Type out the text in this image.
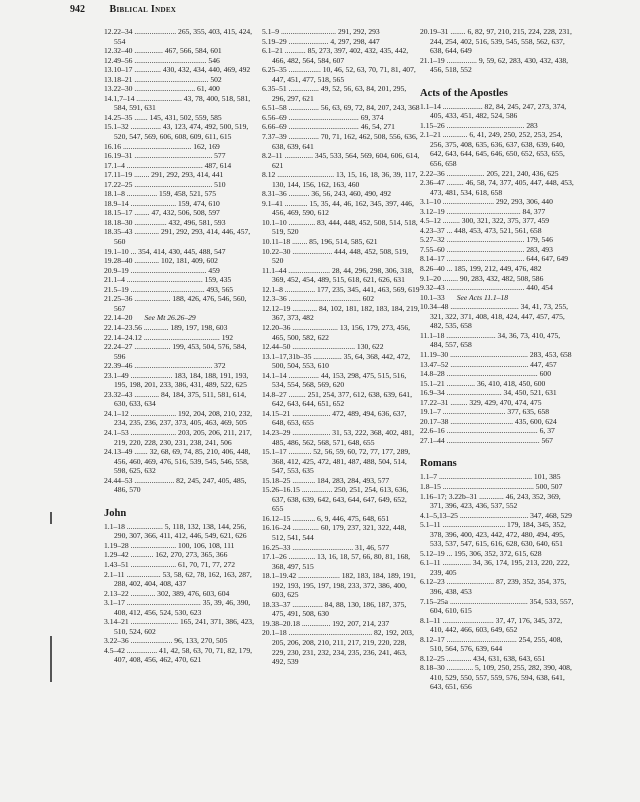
942 Biblical Index
12.22–34 ...................... 265, 355, 403, 415, 424, 554
12.32–40 ............... 467, 566, 584, 601
12.49–56 ...................................... 546
13.10–17 .............. 430, 432, 434, 440, 469, 492
13.18–21 ....................................... 502
13.22–30 ................................ 61, 400
14.1,7–14 ........................ 43, 78, 400, 518, 581, 584, 591, 631
14.25–35 ....... 145, 431, 502, 559, 585
15.1–32 ................ 43, 123, 474, 492, 500, 519, 520, 547, 569, 606, 608, 609, 611, 615
16.16 .................................... 162, 169
16.19–31 ......................................... 577
17.1–4 ........................................ 487, 614
17.11–19 ........ 291, 292, 293, 414, 441
17.22–25 ......................................... 510
18.1–8 ................ 159, 458, 521, 575
18.9–14 ........................ 159, 474, 610
18.15–17 ........ 47, 432, 506, 508, 597
18.18–30 ................. 432, 496, 581, 593
18.35–43 ............. 291, 292, 293, 414, 446, 457, 560
19.1–10 ... 354, 414, 430, 445, 488, 547
19.28–40 ............. 102, 181, 409, 602
20.9–19 ........................................ 459
21.1–4 ........................................ 159, 435
21.5–19 ....................................... 493, 565
21.25–36 ................... 188, 426, 476, 546, 560, 567
22.14–20 See Mt 26.26–29
22.14–23.56 ............. 189, 197, 198, 603
22.14–24.12 ........................................ 192
22.24–27 ................... 199, 453, 504, 576, 584, 596
22.39–46 ......................................... 372
23.1–49 ...................... 183, 184, 188, 191, 193, 195, 198, 201, 233, 386, 431, 489, 522, 625
23.32–43 ............. 84, 184, 375, 511, 581, 614, 630, 633, 634
24.1–12 ........................ 192, 204, 208, 210, 232, 234, 235, 236, 237, 373, 405, 463, 469, 505
24.1–53 ........................ 203, 205, 206, 211, 217, 219, 220, 228, 230, 231, 238, 241, 506
24.13–49 ....... 32, 68, 69, 74, 85, 210, 406, 448, 456, 460, 469, 476, 516, 539, 545, 546, 558, 598, 625, 632
24.44–53 ..................... 82, 245, 247, 405, 485, 486, 570
John
1.1–18 ................... 5, 118, 132, 138, 144, 256, 290, 307, 366, 411, 412, 446, 549, 621, 626
1.19–28 ........................ 100, 106, 108, 111
1.29–42 ............ 162, 270, 273, 365, 366
1.43–51 ........................ 61, 70, 71, 77, 272
2.1–11 .................. 53, 58, 62, 78, 162, 163, 287, 288, 402, 404, 408, 437
2.13–22 ............. 302, 389, 476, 603, 604
3.1–17 ....................................... 35, 39, 46, 390, 408, 412, 456, 524, 530, 623
3.14–21 ......................... 165, 241, 371, 386, 423, 510, 524, 602
3.22–36 ...................... 96, 133, 270, 505
4.5–42 ................ 41, 42, 58, 63, 70, 71, 82, 179, 407, 408, 456, 462, 470, 621
5.1–9 ............................. 291, 292, 293
5.19–29 ..................... 4, 297, 298, 447
6.1–21 ........... 85, 273, 397, 402, 432, 435, 442, 466, 482, 564, 584, 607
6.25–35 ................. 10, 46, 52, 63, 70, 71, 81, 407, 447, 451, 477, 518, 565
6.35–51 ................ 49, 52, 56, 63, 84, 201, 295, 296, 297, 621
6.51–58 ................ 56, 63, 69, 72, 84, 207, 243, 368
6.56–69 ..................................... 69, 374
6.66–69 ..................................... 46, 54, 271
7.37–39 ................ 70, 71, 162, 462, 508, 556, 636, 638, 639, 641
8.2–11 ............... 345, 533, 564, 569, 604, 606, 614, 621
8.12 .............................. 13, 15, 16, 18, 36, 39, 117, 130, 144, 156, 162, 163, 460
8.31–36 ........... 36, 56, 243, 460, 490, 492
9.1–41 ............ 15, 35, 44, 46, 162, 345, 397, 446, 456, 469, 590, 612
10.1–10 .............. 83, 444, 448, 452, 508, 514, 518, 519, 520
10.11–18 ........ 85, 196, 514, 585, 621
10.22–30 ..................... 444, 448, 452, 508, 519, 520
11.1–44 ...................... 28, 44, 296, 298, 306, 318, 369, 452, 454, 489, 515, 618, 621, 626, 631
12.1–8 ................ 177, 235, 345, 441, 463, 569, 619
12.3–36 ...................................... 602
12.12–19 ............. 84, 102, 181, 182, 183, 184, 219, 367, 373, 482
12.20–36 ........................ 13, 156, 179, 273, 456, 465, 500, 582, 622
12.44–50 ................................. 130, 622
13.1–17,31b–35 ............... 35, 64, 368, 442, 472, 500, 504, 553, 610
14.1–14 ................ 44, 153, 298, 475, 515, 516, 534, 554, 568, 569, 620
14.8–27 ......... 251, 254, 377, 612, 638, 639, 641, 642, 643, 644, 651, 652
14.15–21 .................... 472, 489, 494, 636, 637, 648, 653, 655
14.23–29 .................... 31, 53, 222, 368, 402, 481, 485, 486, 562, 568, 571, 648, 655
15.1–17 ............ 52, 56, 59, 60, 72, 77, 177, 289, 368, 412, 425, 472, 481, 487, 488, 504, 514, 547, 553, 635
15.18–25 ............ 184, 283, 284, 493, 577
15.26–16.15 ................ 250, 251, 254, 613, 636, 637, 638, 639, 642, 643, 644, 647, 649, 652, 655
16.12–15 ............ 6, 9, 446, 475, 648, 651
16.16–24 .............. 60, 179, 237, 321, 322, 448, 512, 541, 544
16.25–33 ................................ 31, 46, 577
17.1–26 .............. 13, 16, 18, 57, 66, 80, 81, 168, 368, 497, 515
18.1–19.42 ...................... 182, 183, 184, 189, 191, 192, 193, 195, 197, 198, 233, 372, 386, 400, 603, 625
18.33–37 ................ 84, 88, 130, 186, 187, 375, 475, 491, 508, 630
19.38–20.18 ............... 192, 207, 214, 237
20.1–18 ............................................ 82, 192, 203, 205, 206, 208, 210, 211, 217, 219, 220, 228, 229, 230, 231, 232, 234, 235, 236, 241, 463, 492, 539
20.19–31 ........ 6, 82, 97, 210, 215, 224, 228, 231, 244, 254, 402, 516, 539, 545, 558, 562, 637, 638, 644, 649
21.1–19 ................ 9, 59, 62, 283, 430, 432, 438, 456, 518, 552
Acts of the Apostles
1.1–14 ..................... 82, 84, 245, 247, 273, 374, 405, 433, 451, 482, 524, 586
1.15–26 ......................................... 283
2.1–21 ............. 6, 41, 249, 250, 252, 253, 254, 256, 375, 408, 635, 636, 637, 638, 639, 640, 642, 643, 644, 645, 646, 650, 652, 653, 655, 656, 658
2.22–36 .................... 205, 221, 240, 436, 625
2.36–47 ......... 46, 58, 74, 377, 405, 447, 448, 453, 473, 481, 534, 618, 658
3.1–10 ........................... 292, 293, 306, 440
3.12–19 ....................................... 84, 377
4.5–12 ......... 300, 321, 322, 375, 377, 459
4.23–37 ... 448, 453, 473, 521, 561, 658
5.27–32 ......................................... 179, 546
7.55–60 ......................................... 283, 493
8.14–17 ......................................... 644, 647, 649
8.26–40 ... 185, 199, 212, 449, 476, 482
9.1–20 ........ 90, 283, 432, 482, 508, 586
9.32–43 ......................................... 440, 454
10.1–33 See Acts 11.1–18
10.34–48 .................................... 34, 41, 73, 255, 321, 322, 371, 408, 418, 424, 447, 457, 475, 482, 535, 658
11.1–18 .......................... 34, 36, 73, 410, 475, 484, 557, 658
11.19–30 ......................................... 283, 453, 658
13.47–52 ......................................... 447, 457
14.8–28 ................................................ 600
15.1–21 ............... 36, 410, 418, 450, 600
16.9–34 ............................. 34, 450, 521, 631
17.22–31 ......... 329, 429, 470, 474, 475
19.1–7 ................................. 377, 635, 658
20.17–38 ................................. 435, 600, 624
22.6–16 ................................................ 6, 37
27.1–44 ................................................. 567
Romans
1.1–7 ................................................. 101, 385
1.8–15 ................................................ 500, 507
1.16–17; 3.22b–31 ............. 46, 243, 352, 369, 371, 396, 423, 436, 537, 552
4.1–5,13–25 .................................... 347, 468, 529
5.1–11 ................................. 179, 184, 345, 352, 378, 396, 400, 423, 442, 472, 480, 494, 495, 533, 537, 547, 615, 616, 628, 630, 640, 651
5.12–19 ... 195, 306, 352, 372, 615, 628
6.1–11 ............... 34, 36, 174, 195, 213, 220, 222, 239, 405
6.12–23 ......................... 87, 239, 352, 354, 375, 396, 438, 453
7.15–25a ......................................... 354, 533, 557, 604, 610, 615
8.1–11 ........................... 37, 47, 176, 345, 372, 410, 442, 466, 603, 649, 652
8.12–17 ..................................... 254, 255, 408, 510, 564, 576, 639, 644
8.12–25 ............. 434, 631, 638, 643, 651
8.18–30 .............. 5, 109, 250, 255, 282, 390, 408, 410, 529, 550, 557, 559, 576, 594, 638, 641, 643, 651, 656
